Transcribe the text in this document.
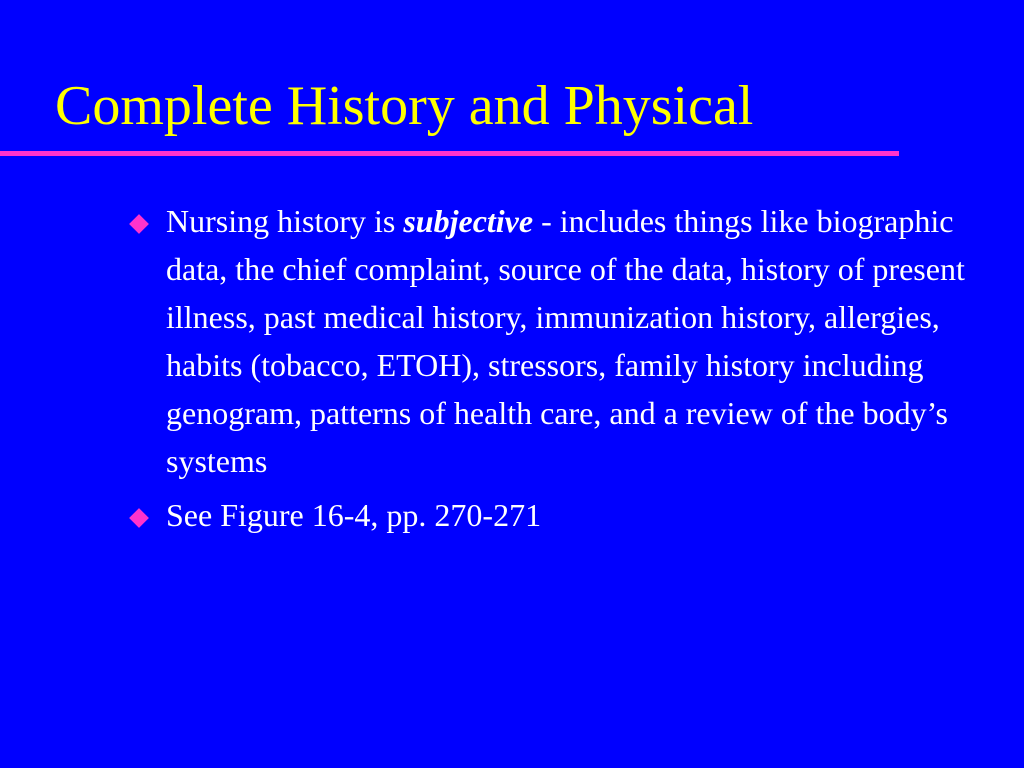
Complete History and Physical
Nursing history is subjective - includes things like biographic data, the chief complaint, source of the data, history of present illness, past medical history, immunization history, allergies, habits (tobacco, ETOH), stressors, family history including genogram, patterns of health care, and a review of the body’s systems
See Figure 16-4, pp. 270-271
